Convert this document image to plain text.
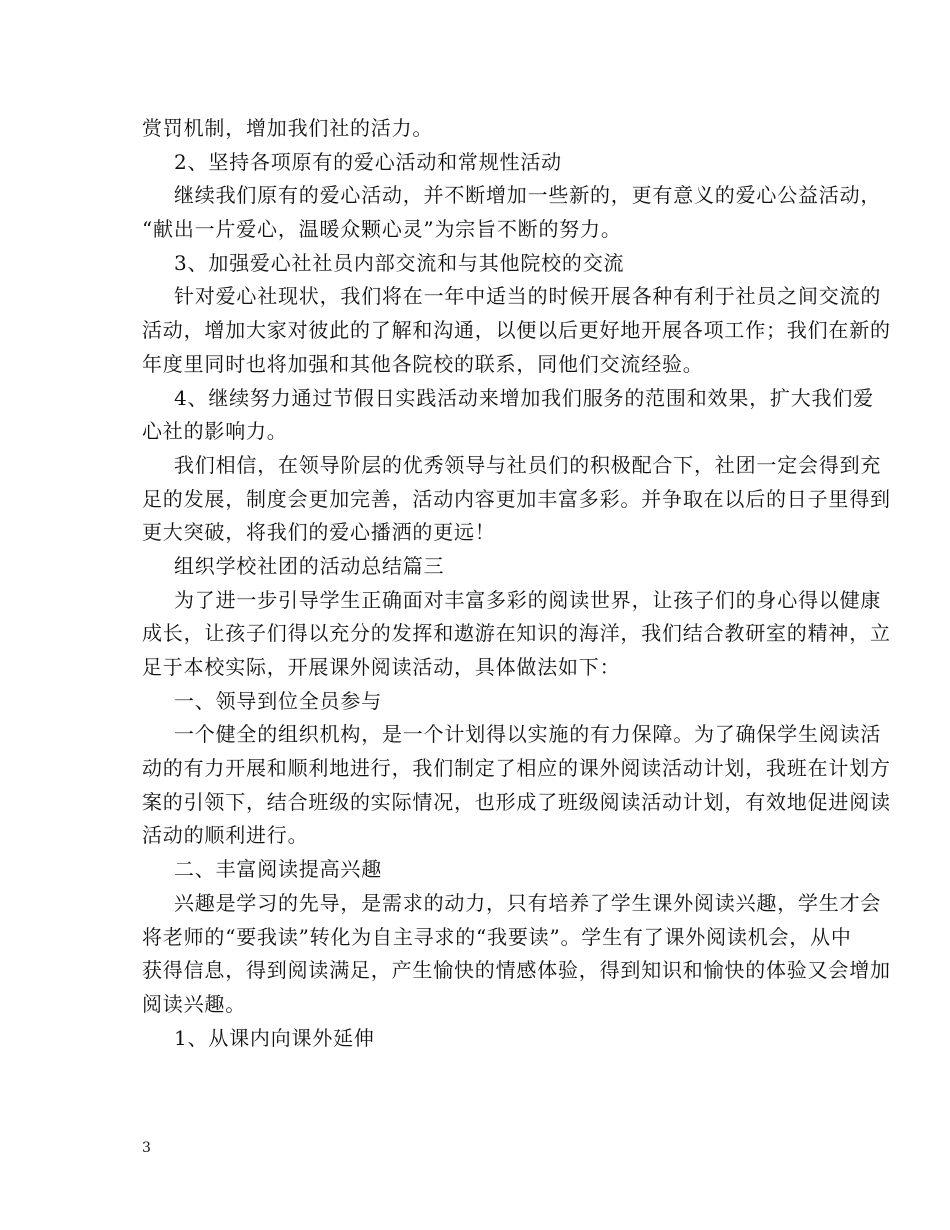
赏罚机制，增加我们社的活力。
2、坚持各项原有的爱心活动和常规性活动
继续我们原有的爱心活动，并不断增加一些新的，更有意义的爱心公益活动，
“献出一片爱心，温暖众颗心灵”为宗旨不断的努力。
3、加强爱心社社员内部交流和与其他院校的交流
针对爱心社现状，我们将在一年中适当的时候开展各种有利于社员之间交流的
活动，增加大家对彼此的了解和沟通，以便以后更好地开展各项工作；我们在新的
年度里同时也将加强和其他各院校的联系，同他们交流经验。
4、继续努力通过节假日实践活动来增加我们服务的范围和效果，扩大我们爱
心社的影响力。
我们相信，在领导阶层的优秀领导与社员们的积极配合下，社团一定会得到充
足的发展，制度会更加完善，活动内容更加丰富多彩。并争取在以后的日子里得到
更大突破，将我们的爱心播洒的更远！
组织学校社团的活动总结篇三
为了进一步引导学生正确面对丰富多彩的阅读世界，让孩子们的身心得以健康
成长，让孩子们得以充分的发挥和遨游在知识的海洋，我们结合教研室的精神，立
足于本校实际，开展课外阅读活动，具体做法如下：
一、领导到位全员参与
一个健全的组织机构，是一个计划得以实施的有力保障。为了确保学生阅读活
动的有力开展和顺利地进行，我们制定了相应的课外阅读活动计划，我班在计划方
案的引领下，结合班级的实际情况，也形成了班级阅读活动计划，有效地促进阅读
活动的顺利进行。
二、丰富阅读提高兴趣
兴趣是学习的先导，是需求的动力，只有培养了学生课外阅读兴趣，学生才会
将老师的“要我读”转化为自主寻求的“我要读”。学生有了课外阅读机会，从中
获得信息，得到阅读满足，产生愉快的情感体验，得到知识和愉快的体验又会增加
阅读兴趣。
1、从课内向课外延伸
3
